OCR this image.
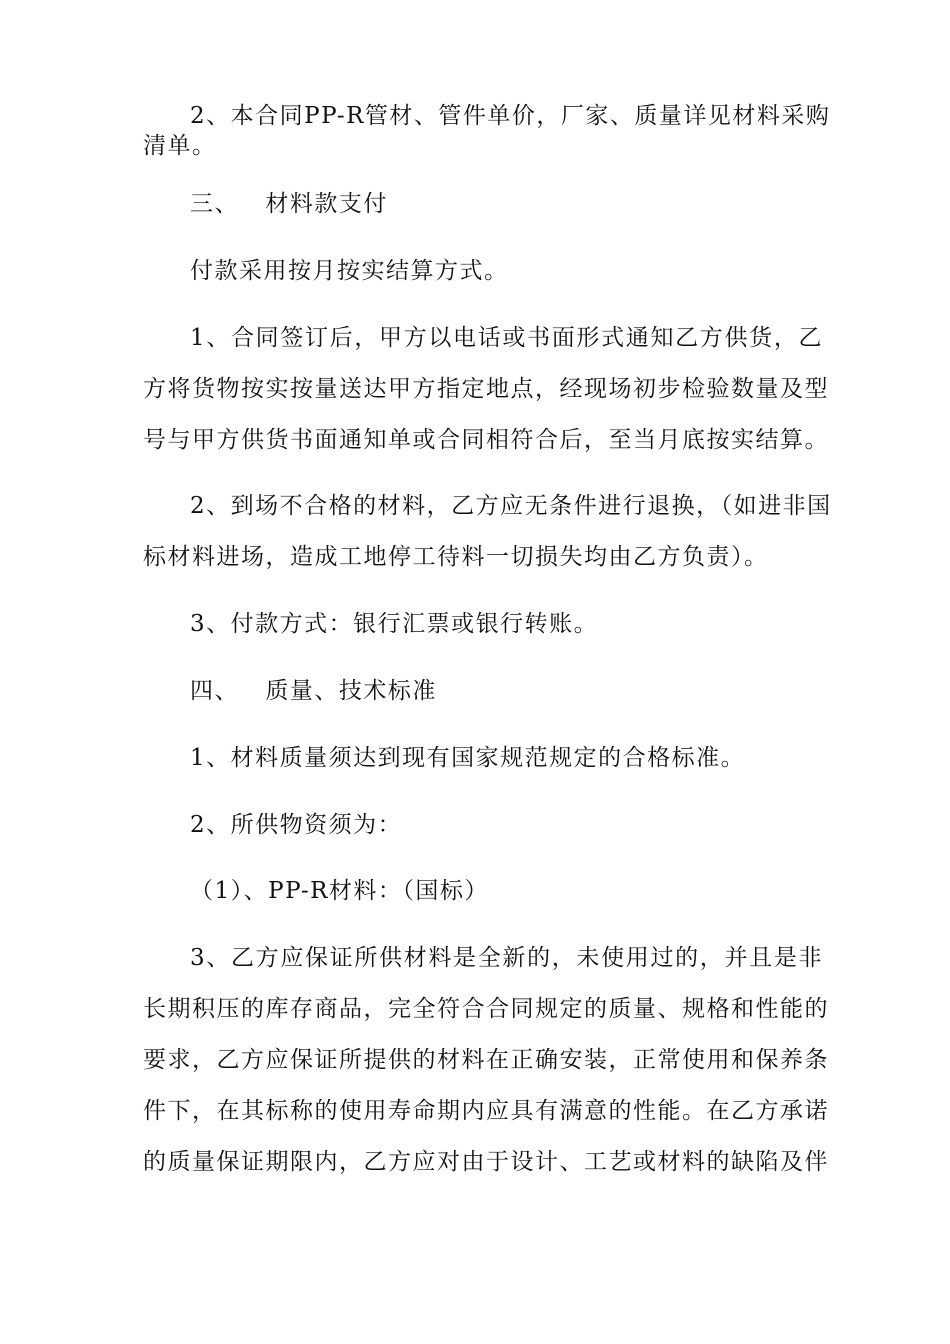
2、本合同PP-R管材、管件单价，厂家、质量详见材料采购
清单。
三、   材料款支付
付款采用按月按实结算方式。
1、合同签订后，甲方以电话或书面形式通知乙方供货，乙
方将货物按实按量送达甲方指定地点，经现场初步检验数量及型
号与甲方供货书面通知单或合同相符合后，至当月底按实结算。
2、到场不合格的材料，乙方应无条件进行退换，（如进非国
标材料进场，造成工地停工待料一切损失均由乙方负责）。
3、付款方式：银行汇票或银行转账。
四、   质量、技术标准
1、材料质量须达到现有国家规范规定的合格标准。
2、所供物资须为：
（1）、PP-R材料：（国标）
3、乙方应保证所供材料是全新的，未使用过的，并且是非
长期积压的库存商品，完全符合合同规定的质量、规格和性能的
要求，乙方应保证所提供的材料在正确安装，正常使用和保养条
件下，在其标称的使用寿命期内应具有满意的性能。在乙方承诺
的质量保证期限内，乙方应对由于设计、工艺或材料的缺陷及伴
